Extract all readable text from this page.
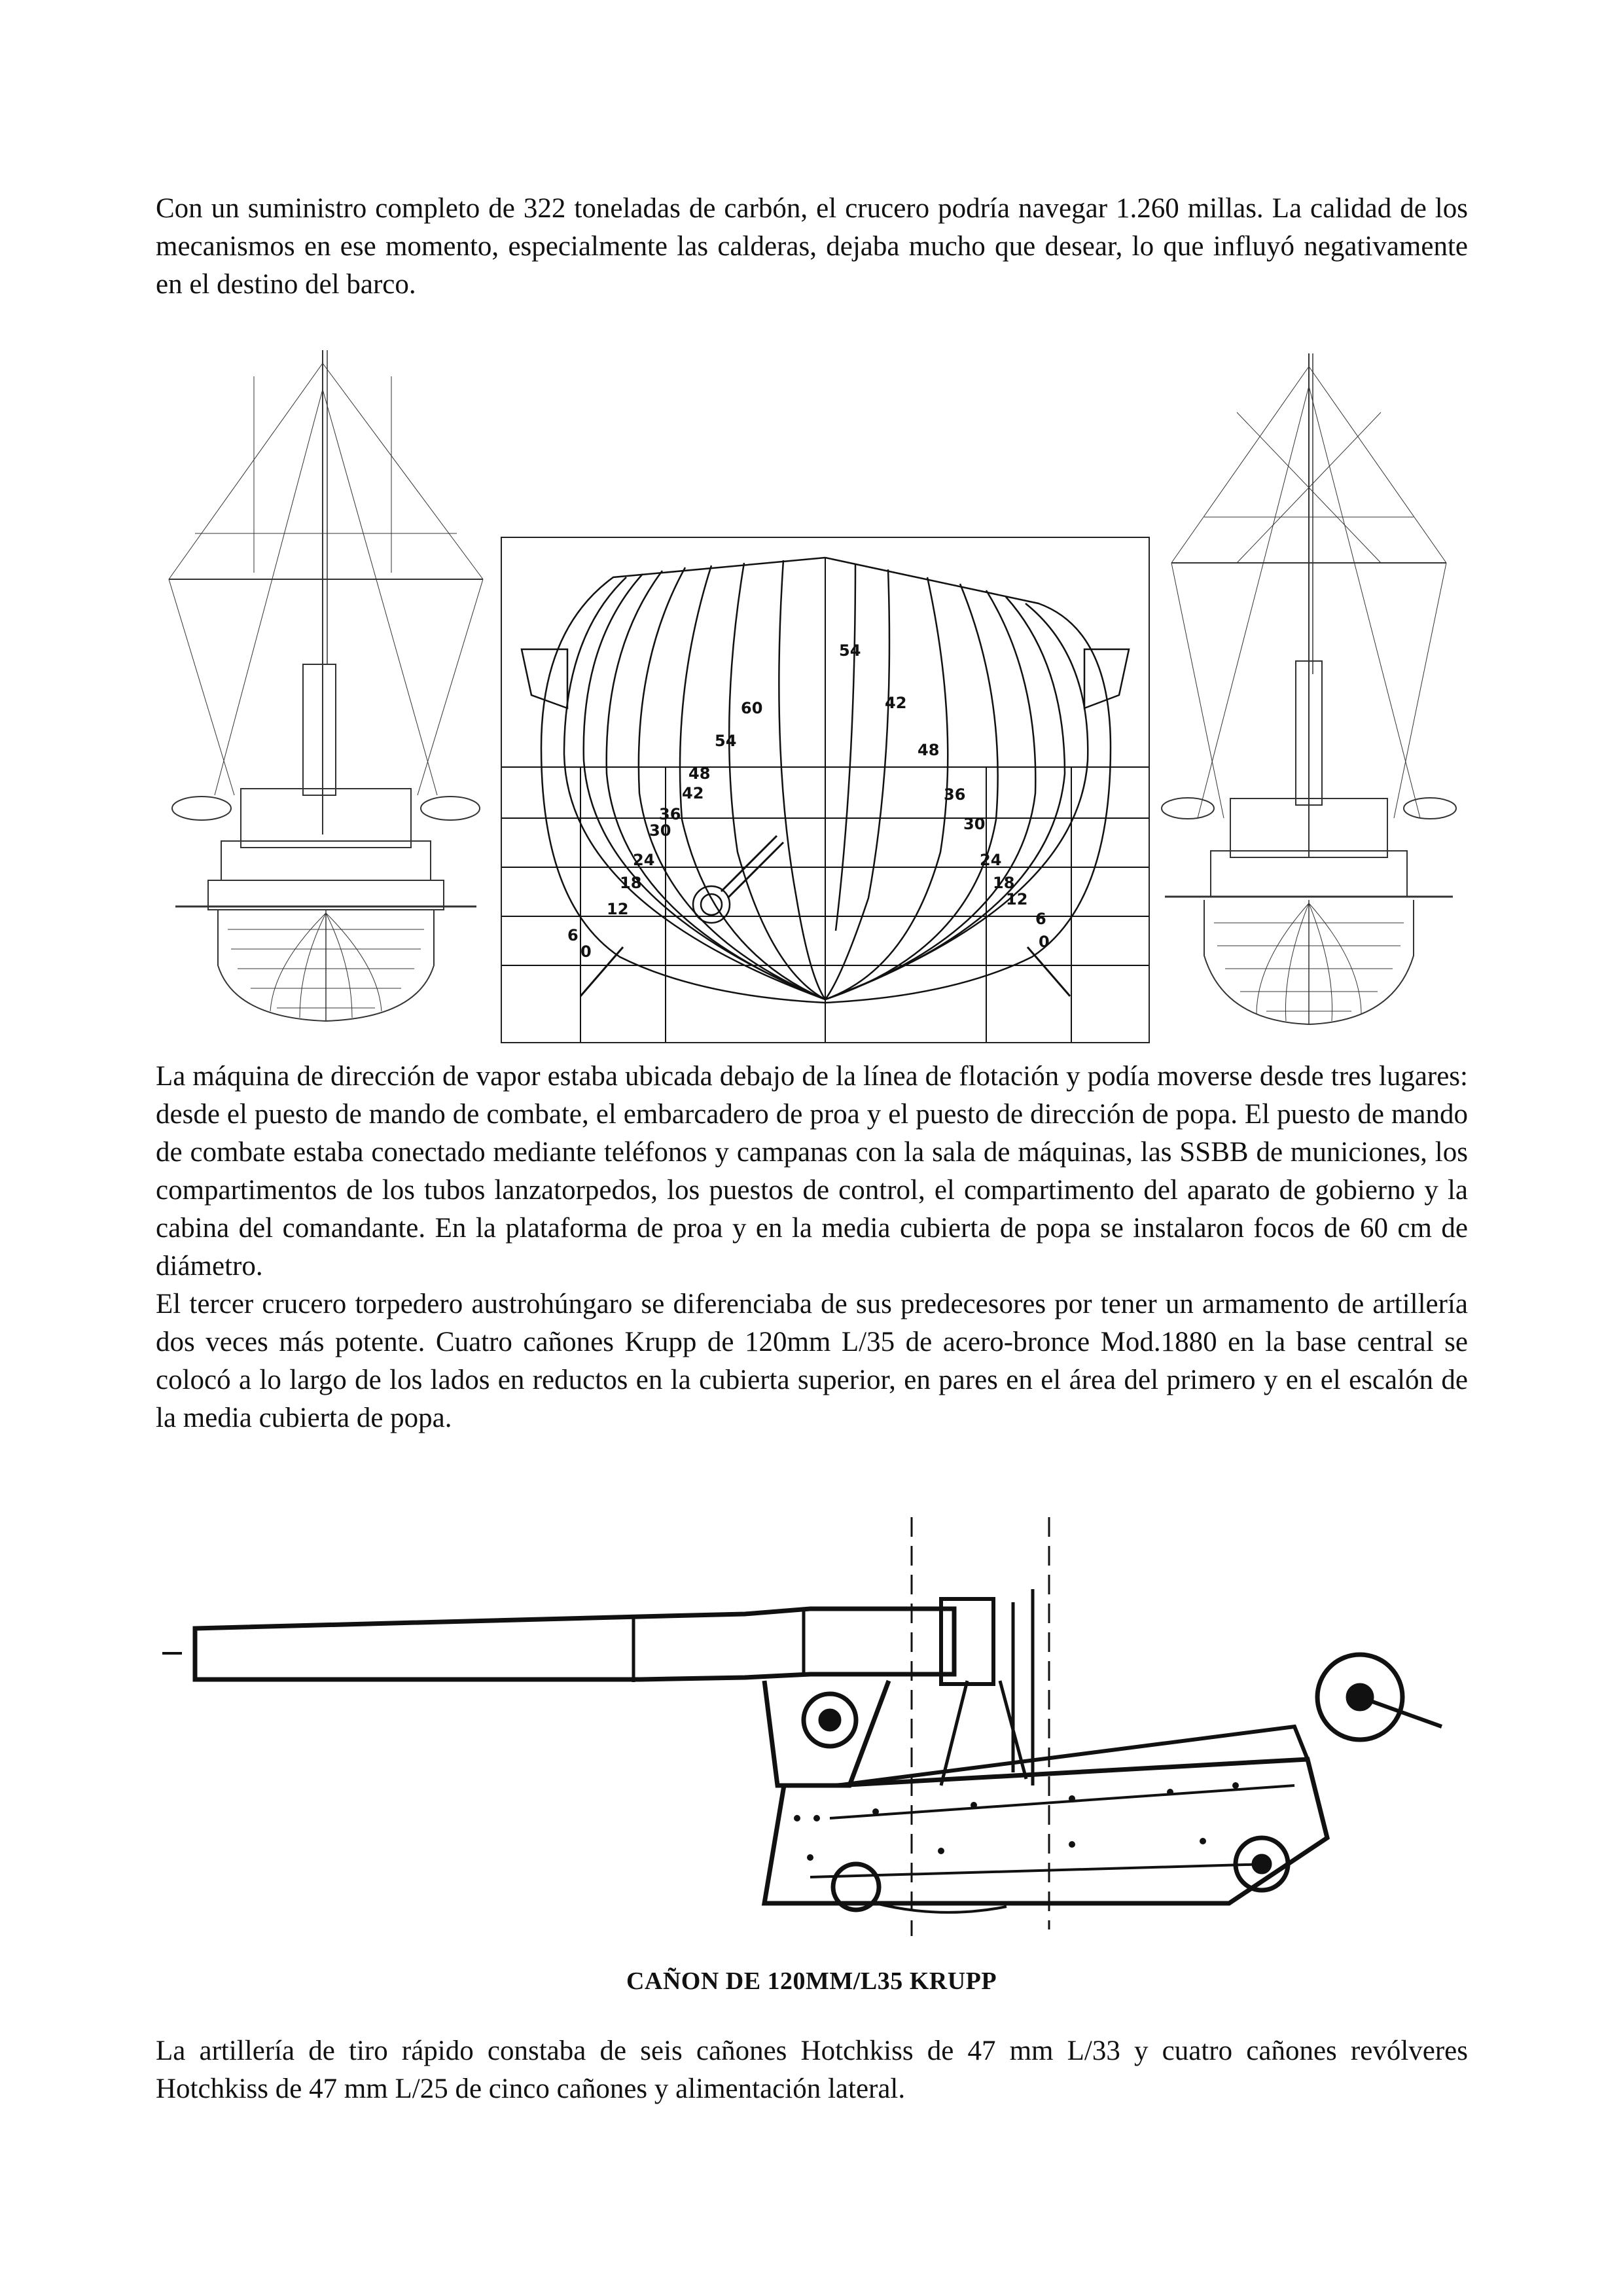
Con un suministro completo de 322 toneladas de carbón, el crucero podría navegar 1.260 millas. La calidad de los mecanismos en ese momento, especialmente las calderas, dejaba mucho que desear, lo que influyó negativamente en el destino del barco.

60
54
48
42
36
30
24
18
12
6
0
54
42
48
36
30
24
18
12
6
0

La máquina de dirección de vapor estaba ubicada debajo de la línea de flotación y podía moverse desde tres lugares: desde el puesto de mando de combate, el embarcadero de proa y el puesto de dirección de popa. El puesto de mando de combate estaba conectado mediante teléfonos y campanas con la sala de máquinas, las SSBB de municiones, los compartimentos de los tubos lanzatorpedos, los puestos de control, el compartimento del aparato de gobierno y la cabina del comandante. En la plataforma de proa y en la media cubierta de popa se instalaron focos de 60 cm de diámetro.

El tercer crucero torpedero austrohúngaro se diferenciaba de sus predecesores por tener un armamento de artillería dos veces más potente. Cuatro cañones Krupp de 120mm L/35 de acero-bronce Mod.1880 en la base central se colocó a lo largo de los lados en reductos en la cubierta superior, en pares en el área del primero y en el escalón de la media cubierta de popa.

CAÑON DE 120MM/L35 KRUPP

La artillería de tiro rápido constaba de seis cañones Hotchkiss de 47 mm L/33 y cuatro cañones revólveres Hotchkiss de 47 mm L/25 de cinco cañones y alimentación lateral.
